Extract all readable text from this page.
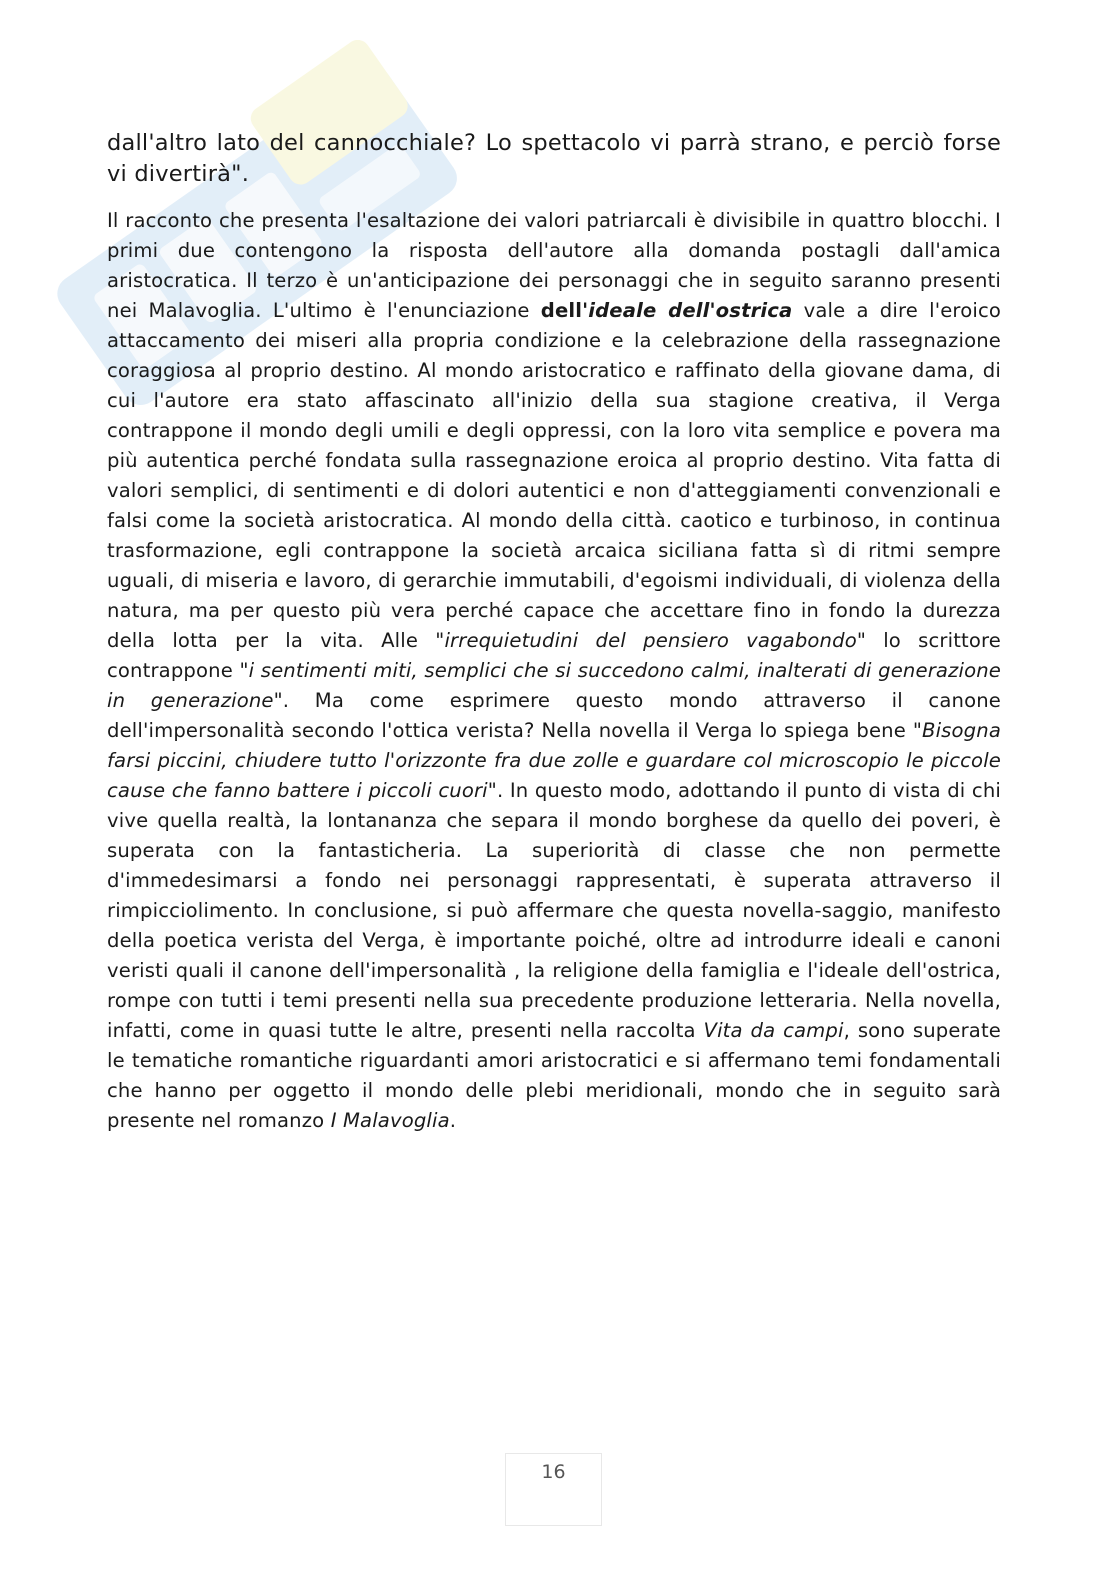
dall'altro lato del cannocchiale? Lo spettacolo vi parrà strano, e perciò forse vi divertirà".

Il racconto che presenta l'esaltazione dei valori patriarcali è divisibile in quattro blocchi. I primi due contengono la risposta dell'autore alla domanda postagli dall'amica aristocratica. Il terzo è un'anticipazione dei personaggi che in seguito saranno presenti nei Malavoglia. L'ultimo è l'enunciazione dell'ideale dell'ostrica vale a dire l'eroico attaccamento dei miseri alla propria condizione e la celebrazione della rassegnazione coraggiosa al proprio destino. Al mondo aristocratico e raffinato della giovane dama, di cui l'autore era stato affascinato all'inizio della sua stagione creativa, il Verga contrappone il mondo degli umili e degli oppressi, con la loro vita semplice e povera ma più autentica perché fondata sulla rassegnazione eroica al proprio destino. Vita fatta di valori semplici, di sentimenti e di dolori autentici e non d'atteggiamenti convenzionali e falsi come la società aristocratica. Al mondo della città. caotico e turbinoso, in continua trasformazione, egli contrappone la società arcaica siciliana fatta sì di ritmi sempre uguali, di miseria e lavoro, di gerarchie immutabili, d'egoismi individuali, di violenza della natura, ma per questo più vera perché capace che accettare fino in fondo la durezza della lotta per la vita. Alle "irrequietudini del pensiero vagabondo" lo scrittore contrappone "i sentimenti miti, semplici che si succedono calmi, inalterati di generazione in generazione". Ma come esprimere questo mondo attraverso il canone dell'impersonalità secondo l'ottica verista? Nella novella il Verga lo spiega bene "Bisogna farsi piccini, chiudere tutto l'orizzonte fra due zolle e guardare col microscopio le piccole cause che fanno battere i piccoli cuori". In questo modo, adottando il punto di vista di chi vive quella realtà, la lontananza che separa il mondo borghese da quello dei poveri, è superata con la fantasticheria. La superiorità di classe che non permette d'immedesimarsi a fondo nei personaggi rappresentati, è superata attraverso il rimpicciolimento. In conclusione, si può affermare che questa novella-saggio, manifesto della poetica verista del Verga, è importante poiché, oltre ad introdurre ideali e canoni veristi quali il canone dell'impersonalità , la religione della famiglia e l'ideale dell'ostrica, rompe con tutti i temi presenti nella sua precedente produzione letteraria. Nella novella, infatti, come in quasi tutte le altre, presenti nella raccolta Vita da campi, sono superate le tematiche romantiche riguardanti amori aristocratici e si affermano temi fondamentali che hanno per oggetto il mondo delle plebi meridionali, mondo che in seguito sarà presente nel romanzo I Malavoglia.

16
